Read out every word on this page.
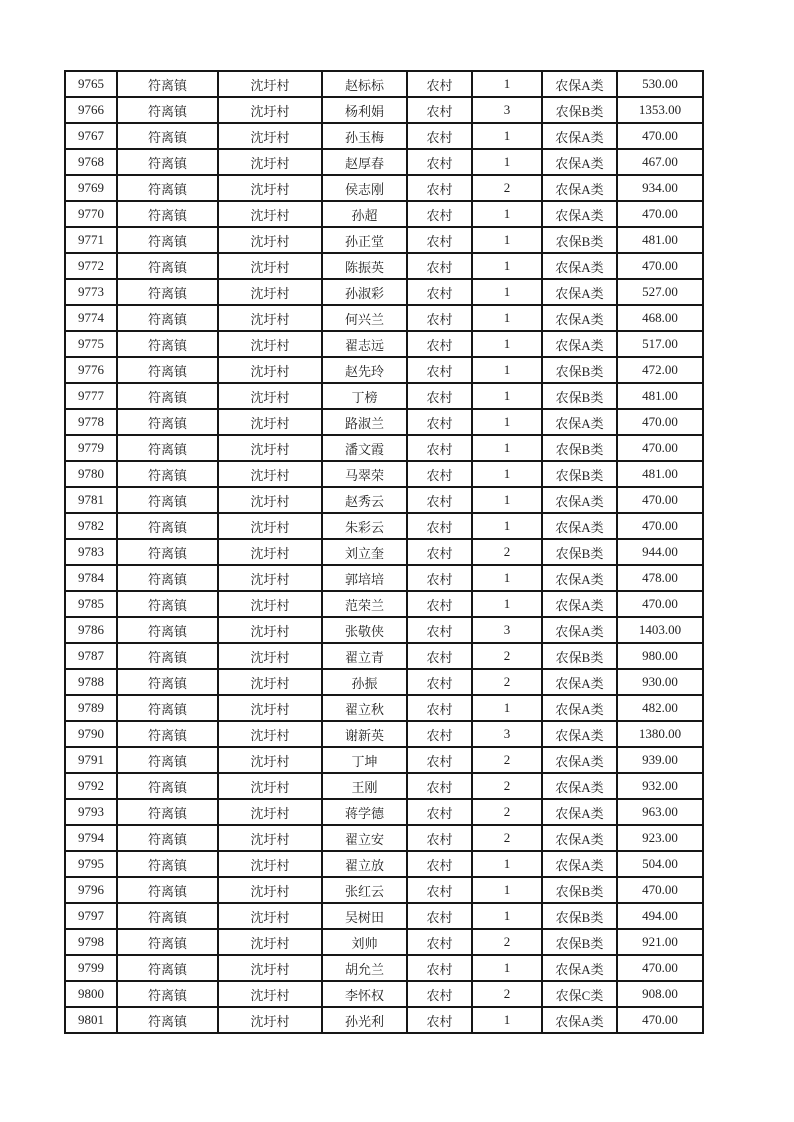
9765	符离镇	沈圩村	赵标标	农村	1	农保A类	530.00
9766	符离镇	沈圩村	杨利娟	农村	3	农保B类	1353.00
9767	符离镇	沈圩村	孙玉梅	农村	1	农保A类	470.00
9768	符离镇	沈圩村	赵厚春	农村	1	农保A类	467.00
9769	符离镇	沈圩村	侯志刚	农村	2	农保A类	934.00
9770	符离镇	沈圩村	孙超	农村	1	农保A类	470.00
9771	符离镇	沈圩村	孙正堂	农村	1	农保B类	481.00
9772	符离镇	沈圩村	陈振英	农村	1	农保A类	470.00
9773	符离镇	沈圩村	孙淑彩	农村	1	农保A类	527.00
9774	符离镇	沈圩村	何兴兰	农村	1	农保A类	468.00
9775	符离镇	沈圩村	翟志远	农村	1	农保A类	517.00
9776	符离镇	沈圩村	赵先玲	农村	1	农保B类	472.00
9777	符离镇	沈圩村	丁榜	农村	1	农保B类	481.00
9778	符离镇	沈圩村	路淑兰	农村	1	农保A类	470.00
9779	符离镇	沈圩村	潘文霞	农村	1	农保B类	470.00
9780	符离镇	沈圩村	马翠荣	农村	1	农保B类	481.00
9781	符离镇	沈圩村	赵秀云	农村	1	农保A类	470.00
9782	符离镇	沈圩村	朱彩云	农村	1	农保A类	470.00
9783	符离镇	沈圩村	刘立奎	农村	2	农保B类	944.00
9784	符离镇	沈圩村	郭培培	农村	1	农保A类	478.00
9785	符离镇	沈圩村	范荣兰	农村	1	农保A类	470.00
9786	符离镇	沈圩村	张敬侠	农村	3	农保A类	1403.00
9787	符离镇	沈圩村	翟立青	农村	2	农保B类	980.00
9788	符离镇	沈圩村	孙振	农村	2	农保A类	930.00
9789	符离镇	沈圩村	翟立秋	农村	1	农保A类	482.00
9790	符离镇	沈圩村	谢新英	农村	3	农保A类	1380.00
9791	符离镇	沈圩村	丁坤	农村	2	农保A类	939.00
9792	符离镇	沈圩村	王刚	农村	2	农保A类	932.00
9793	符离镇	沈圩村	蒋学德	农村	2	农保A类	963.00
9794	符离镇	沈圩村	翟立安	农村	2	农保A类	923.00
9795	符离镇	沈圩村	翟立放	农村	1	农保A类	504.00
9796	符离镇	沈圩村	张红云	农村	1	农保B类	470.00
9797	符离镇	沈圩村	吴树田	农村	1	农保B类	494.00
9798	符离镇	沈圩村	刘帅	农村	2	农保B类	921.00
9799	符离镇	沈圩村	胡允兰	农村	1	农保A类	470.00
9800	符离镇	沈圩村	李怀权	农村	2	农保C类	908.00
9801	符离镇	沈圩村	孙光利	农村	1	农保A类	470.00
